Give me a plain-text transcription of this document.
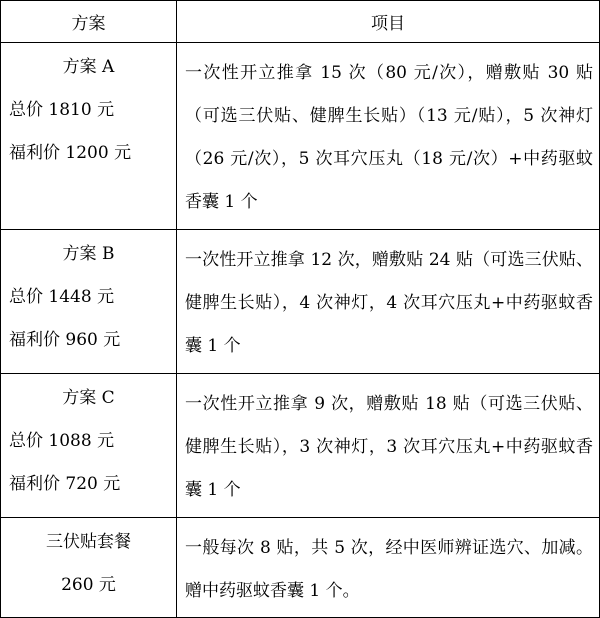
方案	项目

方案 A
总价 1810 元
福利价 1200 元	一次性开立推拿 15 次（80 元/次），赠敷贴 30 贴（可选三伏贴、健脾生长贴）（13 元/贴），5 次神灯（26 元/次），5 次耳穴压丸（18 元/次）+中药驱蚊香囊 1 个

方案 B
总价 1448 元
福利价 960 元	一次性开立推拿 12 次，赠敷贴 24 贴（可选三伏贴、健脾生长贴），4 次神灯，4 次耳穴压丸+中药驱蚊香囊 1 个

方案 C
总价 1088 元
福利价 720 元	一次性开立推拿 9 次，赠敷贴 18 贴（可选三伏贴、健脾生长贴），3 次神灯，3 次耳穴压丸+中药驱蚊香囊 1 个

三伏贴套餐
260 元	一般每次 8 贴，共 5 次，经中医师辨证选穴、加减。赠中药驱蚊香囊 1 个。
